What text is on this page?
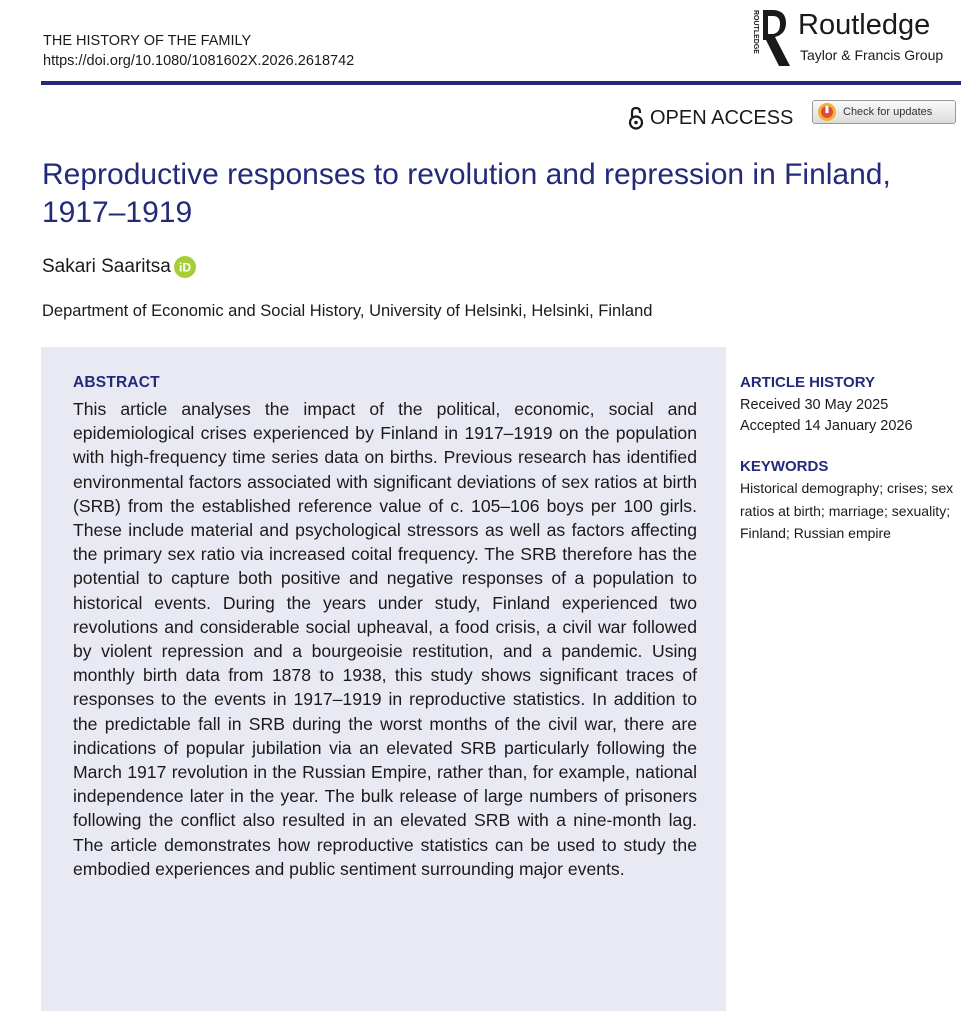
THE HISTORY OF THE FAMILY
https://doi.org/10.1080/1081602X.2026.2618742
ROUTLEDGE Routledge
Taylor & Francis Group
OPEN ACCESS	Check for updates
Reproductive responses to revolution and repression in Finland, 1917–1919
Sakari Saaritsa iD
Department of Economic and Social History, University of Helsinki, Helsinki, Finland
ABSTRACT

This article analyses the impact of the political, economic, social and epidemiological crises experienced by Finland in 1917–1919 on the population with high-frequency time series data on births. Previous research has identified environmental factors associated with significant deviations of sex ratios at birth (SRB) from the established reference value of c. 105–106 boys per 100 girls. These include material and psychological stressors as well as factors affecting the primary sex ratio via increased coital frequency. The SRB therefore has the potential to capture both positive and negative responses of a population to historical events. During the years under study, Finland experienced two revolutions and considerable social upheaval, a food crisis, a civil war followed by violent repression and a bourgeoisie restitution, and a pandemic. Using monthly birth data from 1878 to 1938, this study shows significant traces of responses to the events in 1917–1919 in reproductive statistics. In addition to the predictable fall in SRB during the worst months of the civil war, there are indications of popular jubilation via an elevated SRB particularly following the March 1917 revolution in the Russian Empire, rather than, for example, national independence later in the year. The bulk release of large numbers of prisoners following the conflict also resulted in an elevated SRB with a nine-month lag. The article demonstrates how reproductive statistics can be used to study the embodied experiences and public sentiment surrounding major events.

ARTICLE HISTORY
Received 30 May 2025
Accepted 14 January 2026
KEYWORDS
Historical demography; crises; sex ratios at birth; marriage; sexuality; Finland; Russian empire
